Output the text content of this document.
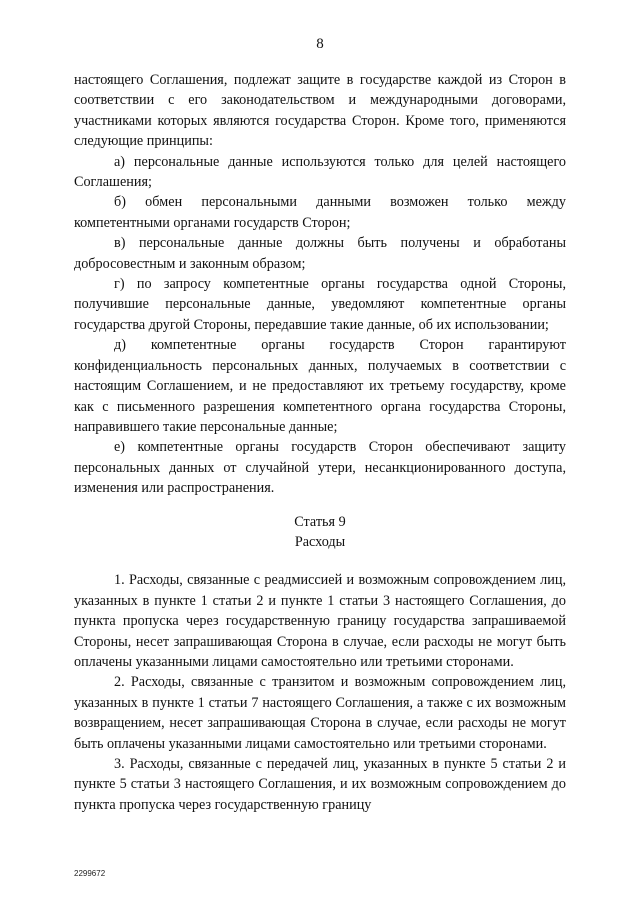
8

настоящего Соглашения, подлежат защите в государстве каждой из Сторон в соответствии с его законодательством и международными договорами, участниками которых являются государства Сторон. Кроме того, применяются следующие принципы:

а) персональные данные используются только для целей настоящего Соглашения;

б) обмен персональными данными возможен только между компетентными органами государств Сторон;

в) персональные данные должны быть получены и обработаны добросовестным и законным образом;

г) по запросу компетентные органы государства одной Стороны, получившие персональные данные, уведомляют компетентные органы государства другой Стороны, передавшие такие данные, об их использовании;

д) компетентные органы государств Сторон гарантируют конфиденциальность персональных данных, получаемых в соответствии с настоящим Соглашением, и не предоставляют их третьему государству, кроме как с письменного разрешения компетентного органа государства Стороны, направившего такие персональные данные;

е) компетентные органы государств Сторон обеспечивают защиту персональных данных от случайной утери, несанкционированного доступа, изменения или распространения.

Статья 9

Расходы

1. Расходы, связанные с реадмиссией и возможным сопровождением лиц, указанных в пункте 1 статьи 2 и пункте 1 статьи 3 настоящего Соглашения, до пункта пропуска через государственную границу государства запрашиваемой Стороны, несет запрашивающая Сторона в случае, если расходы не могут быть оплачены указанными лицами самостоятельно или третьими сторонами.

2. Расходы, связанные с транзитом и возможным сопровождением лиц, указанных в пункте 1 статьи 7 настоящего Соглашения, а также с их возможным возвращением, несет запрашивающая Сторона в случае, если расходы не могут быть оплачены указанными лицами самостоятельно или третьими сторонами.

3. Расходы, связанные с передачей лиц, указанных в пункте 5 статьи 2 и пункте 5 статьи 3 настоящего Соглашения, и их возможным сопровождением до пункта пропуска через государственную границу

2299672
